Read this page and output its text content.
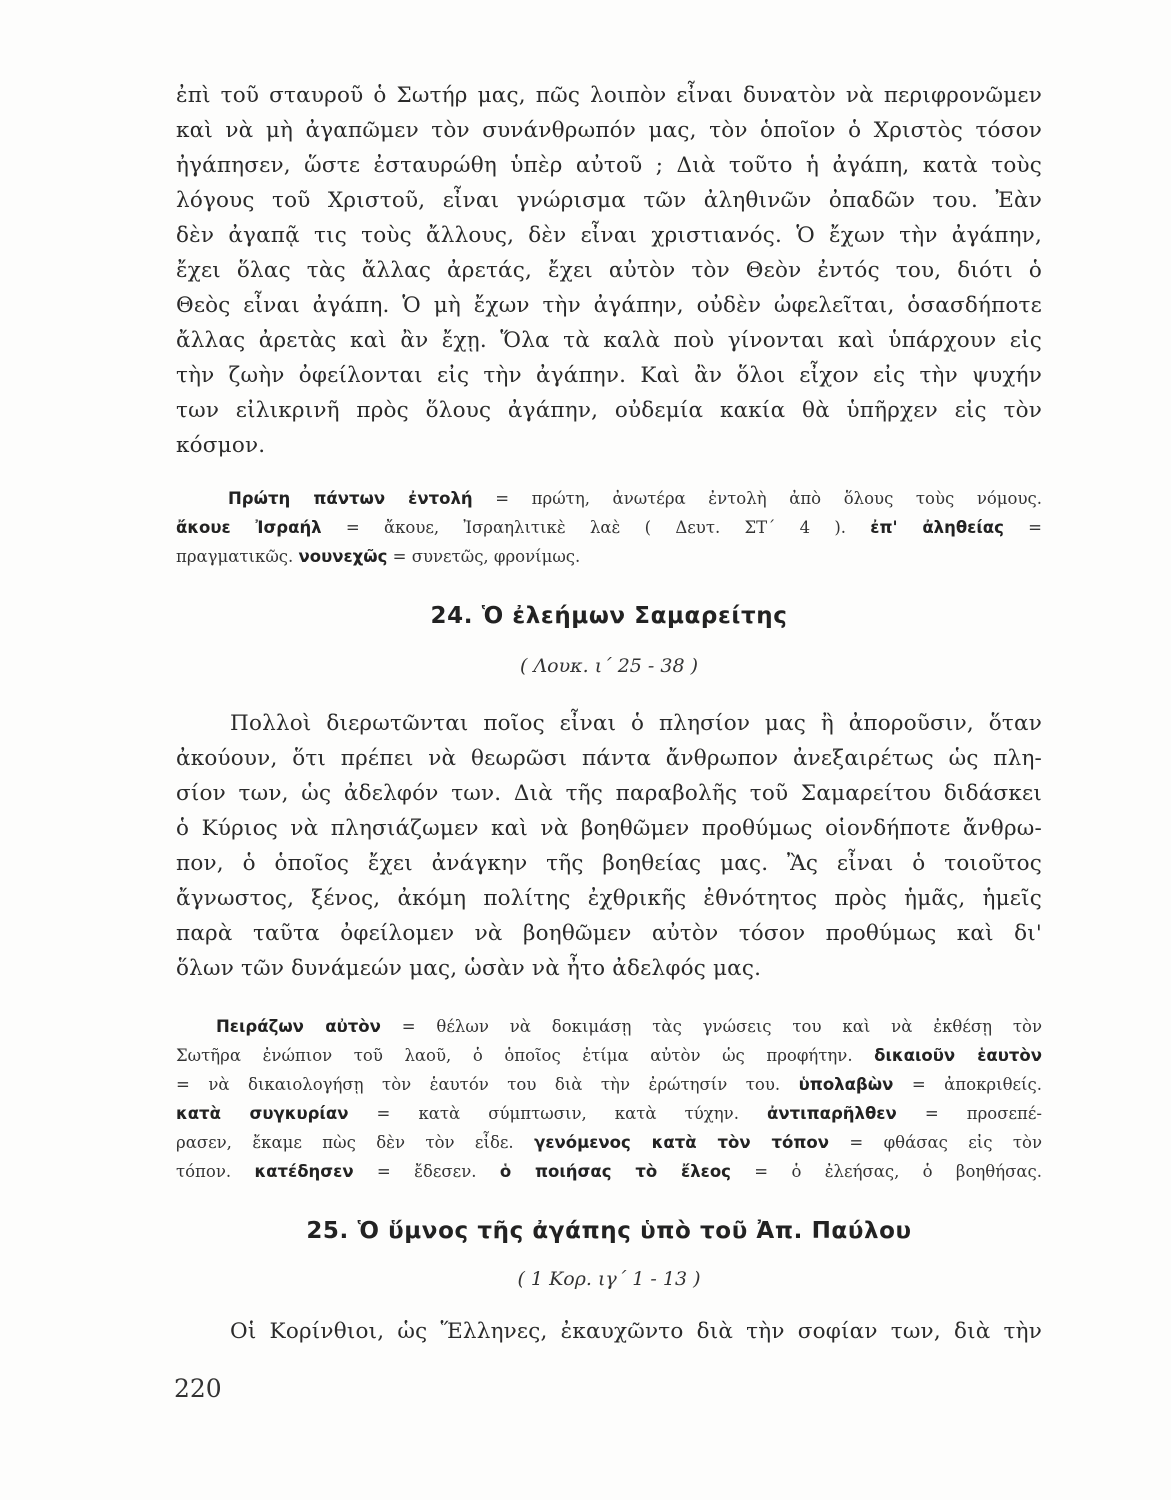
ἐπὶ τοῦ σταυροῦ ὁ Σωτήρ μας, πῶς λοιπὸν εἶναι δυνατὸν νὰ περιφρονῶμεν
καὶ νὰ μὴ ἀγαπῶμεν τὸν συνάνθρωπόν μας, τὸν ὁποῖον ὁ Χριστὸς τόσον
ἠγάπησεν, ὥστε ἐσταυρώθη ὑπὲρ αὐτοῦ ; Διὰ τοῦτο ἡ ἀγάπη, κατὰ τοὺς
λόγους τοῦ Χριστοῦ, εἶναι γνώρισμα τῶν ἀληθινῶν ὀπαδῶν του. Ἐὰν
δὲν ἀγαπᾷ τις τοὺς ἄλλους, δὲν εἶναι χριστιανός. Ὁ ἔχων τὴν ἀγάπην,
ἔχει ὅλας τὰς ἄλλας ἀρετάς, ἔχει αὐτὸν τὸν Θεὸν ἐντός του, διότι ὁ
Θεὸς εἶναι ἀγάπη. Ὁ μὴ ἔχων τὴν ἀγάπην, οὐδὲν ὠφελεῖται, ὁσασδήποτε
ἄλλας ἀρετὰς καὶ ἂν ἔχῃ. Ὅλα τὰ καλὰ ποὺ γίνονται καὶ ὑπάρχουν εἰς
τὴν ζωὴν ὀφείλονται εἰς τὴν ἀγάπην. Καὶ ἂν ὅλοι εἶχον εἰς τὴν ψυχήν
των εἰλικρινῆ πρὸς ὅλους ἀγάπην, οὐδεμία κακία θὰ ὑπῆρχεν εἰς τὸν
κόσμον.
Πρώτη πάντων ἐντολή = πρώτη, ἀνωτέρα ἐντολὴ ἀπὸ ὅλους τοὺς νόμους.
ἄκουε Ἰσραήλ = ἄκουε, Ἰσραηλιτικὲ λαὲ ( Δευτ. ΣΤ΄ 4 ). ἐπ' ἀληθείας =
πραγματικῶς. νουνεχῶς = συνετῶς, φρονίμως.
24. Ὁ ἐλεήμων Σαμαρείτης
( Λουκ. ι΄ 25 - 38 )
Πολλοὶ διερωτῶνται ποῖος εἶναι ὁ πλησίον μας ἢ ἀποροῦσιν, ὅταν
ἀκούουν, ὅτι πρέπει νὰ θεωρῶσι πάντα ἄνθρωπον ἀνεξαιρέτως ὡς πλη-
σίον των, ὡς ἀδελφόν των. Διὰ τῆς παραβολῆς τοῦ Σαμαρείτου διδάσκει
ὁ Κύριος νὰ πλησιάζωμεν καὶ νὰ βοηθῶμεν προθύμως οἱονδήποτε ἄνθρω-
πον, ὁ ὁποῖος ἔχει ἀνάγκην τῆς βοηθείας μας. Ἂς εἶναι ὁ τοιοῦτος
ἄγνωστος, ξένος, ἀκόμη πολίτης ἐχθρικῆς ἐθνότητος πρὸς ἡμᾶς, ἡμεῖς
παρὰ ταῦτα ὀφείλομεν νὰ βοηθῶμεν αὐτὸν τόσον προθύμως καὶ δι'
ὅλων τῶν δυνάμεών μας, ὡσὰν νὰ ἦτο ἀδελφός μας.
Πειράζων αὐτὸν = θέλων νὰ δοκιμάσῃ τὰς γνώσεις του καὶ νὰ ἐκθέσῃ τὸν
Σωτῆρα ἐνώπιον τοῦ λαοῦ, ὁ ὁποῖος ἐτίμα αὐτὸν ὡς προφήτην. δικαιοῦν ἑαυτὸν
= νὰ δικαιολογήσῃ τὸν ἑαυτόν του διὰ τὴν ἐρώτησίν του. ὑπολαβὼν = ἀποκριθείς.
κατὰ συγκυρίαν = κατὰ σύμπτωσιν, κατὰ τύχην. ἀντιπαρῆλθεν = προσεπέ-
ρασεν, ἔκαμε πὼς δὲν τὸν εἶδε. γενόμενος κατὰ τὸν τόπον = φθάσας εἰς τὸν
τόπον. κατέδησεν = ἔδεσεν. ὁ ποιήσας τὸ ἔλεος = ὁ ἐλεήσας, ὁ βοηθήσας.
25. Ὁ ὕμνος τῆς ἀγάπης ὑπὸ τοῦ Ἀπ. Παύλου
( 1 Κορ. ιγ΄ 1 - 13 )
Οἱ Κορίνθιοι, ὡς Ἕλληνες, ἐκαυχῶντο διὰ τὴν σοφίαν των, διὰ τὴν
220
